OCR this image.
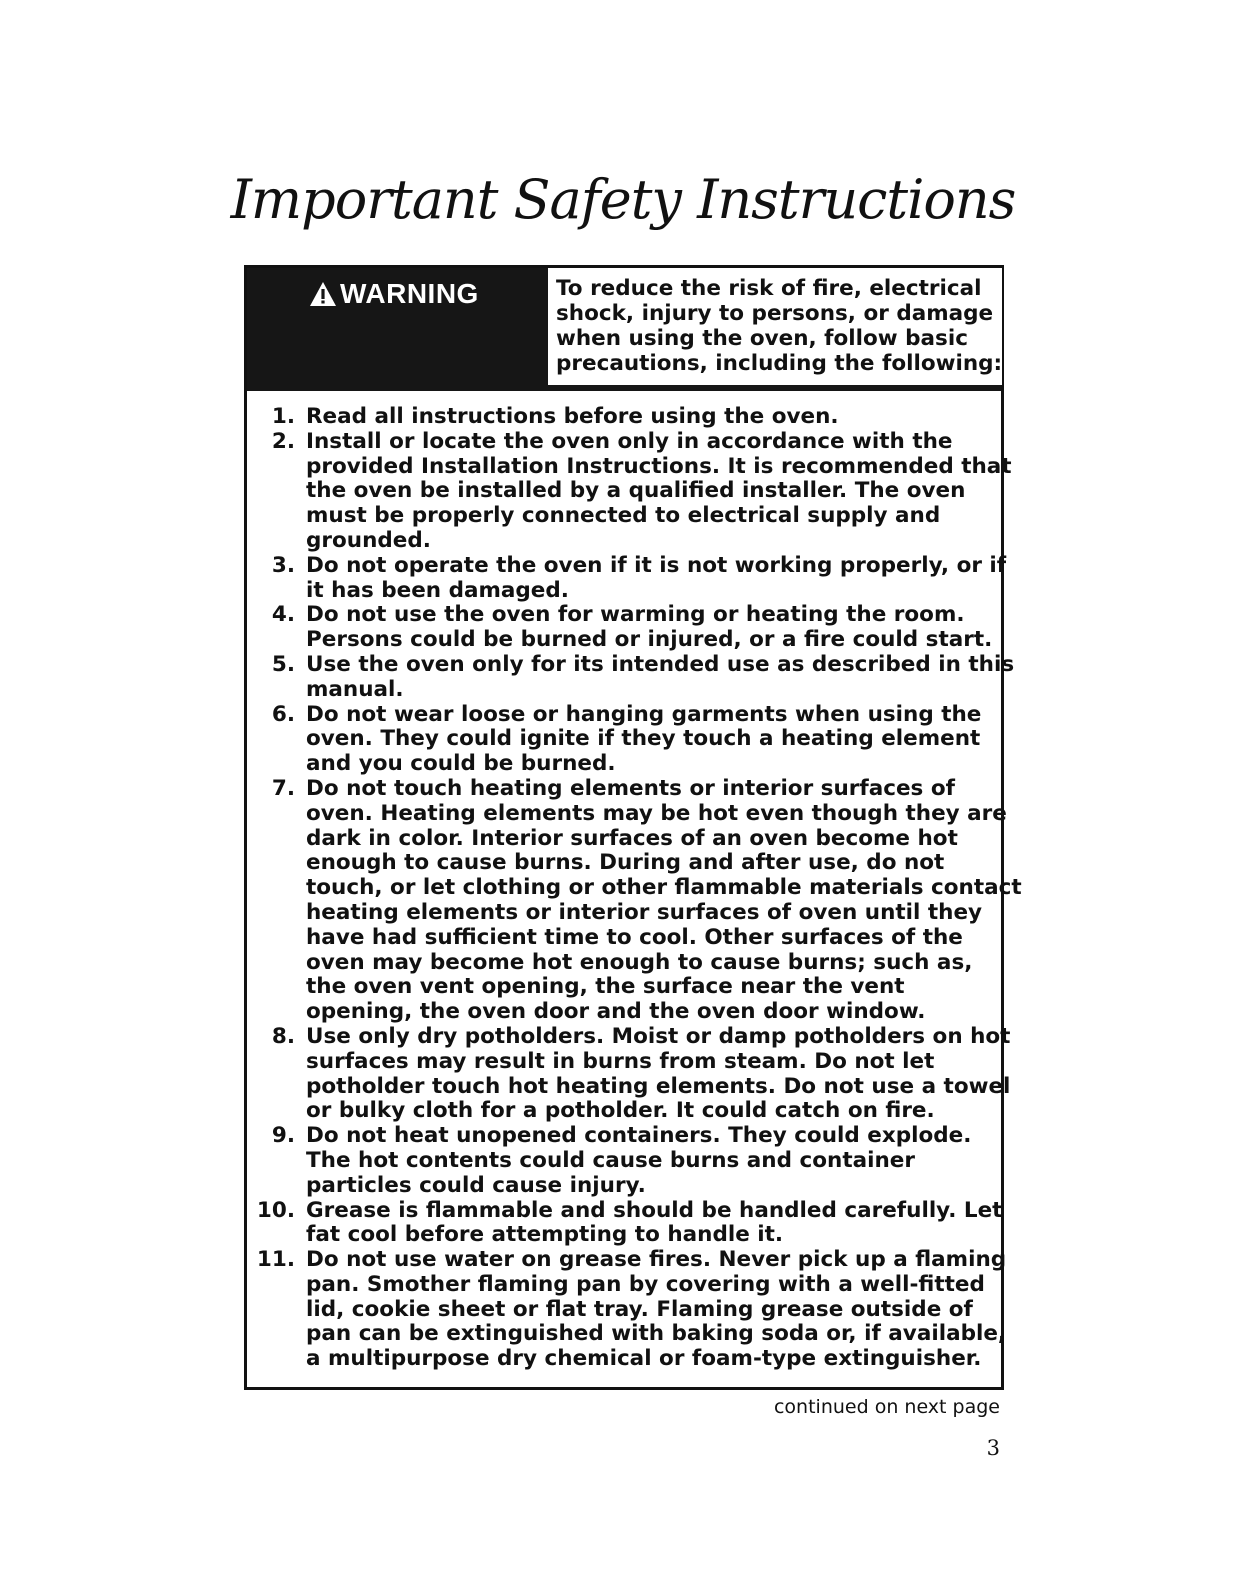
Important Safety Instructions
WARNING	To reduce the risk of fire, electrical
shock, injury to persons, or damage
when using the oven, follow basic
precautions, including the following:
1. Read all instructions before using the oven.
2. Install or locate the oven only in accordance with the
provided Installation Instructions. It is recommended that
the oven be installed by a qualified installer. The oven
must be properly connected to electrical supply and
grounded.
3. Do not operate the oven if it is not working properly, or if
it has been damaged.
4. Do not use the oven for warming or heating the room.
Persons could be burned or injured, or a fire could start.
5. Use the oven only for its intended use as described in this
manual.
6. Do not wear loose or hanging garments when using the
oven. They could ignite if they touch a heating element
and you could be burned.
7. Do not touch heating elements or interior surfaces of
oven. Heating elements may be hot even though they are
dark in color. Interior surfaces of an oven become hot
enough to cause burns. During and after use, do not
touch, or let clothing or other flammable materials contact
heating elements or interior surfaces of oven until they
have had sufficient time to cool. Other surfaces of the
oven may become hot enough to cause burns; such as,
the oven vent opening, the surface near the vent
opening, the oven door and the oven door window.
8. Use only dry potholders. Moist or damp potholders on hot
surfaces may result in burns from steam. Do not let
potholder touch hot heating elements. Do not use a towel
or bulky cloth for a potholder. It could catch on fire.
9. Do not heat unopened containers. They could explode.
The hot contents could cause burns and container
particles could cause injury.
10. Grease is flammable and should be handled carefully. Let
fat cool before attempting to handle it.
11. Do not use water on grease fires. Never pick up a flaming
pan. Smother flaming pan by covering with a well-fitted
lid, cookie sheet or flat tray. Flaming grease outside of
pan can be extinguished with baking soda or, if available,
a multipurpose dry chemical or foam-type extinguisher.
continued on next page
3
